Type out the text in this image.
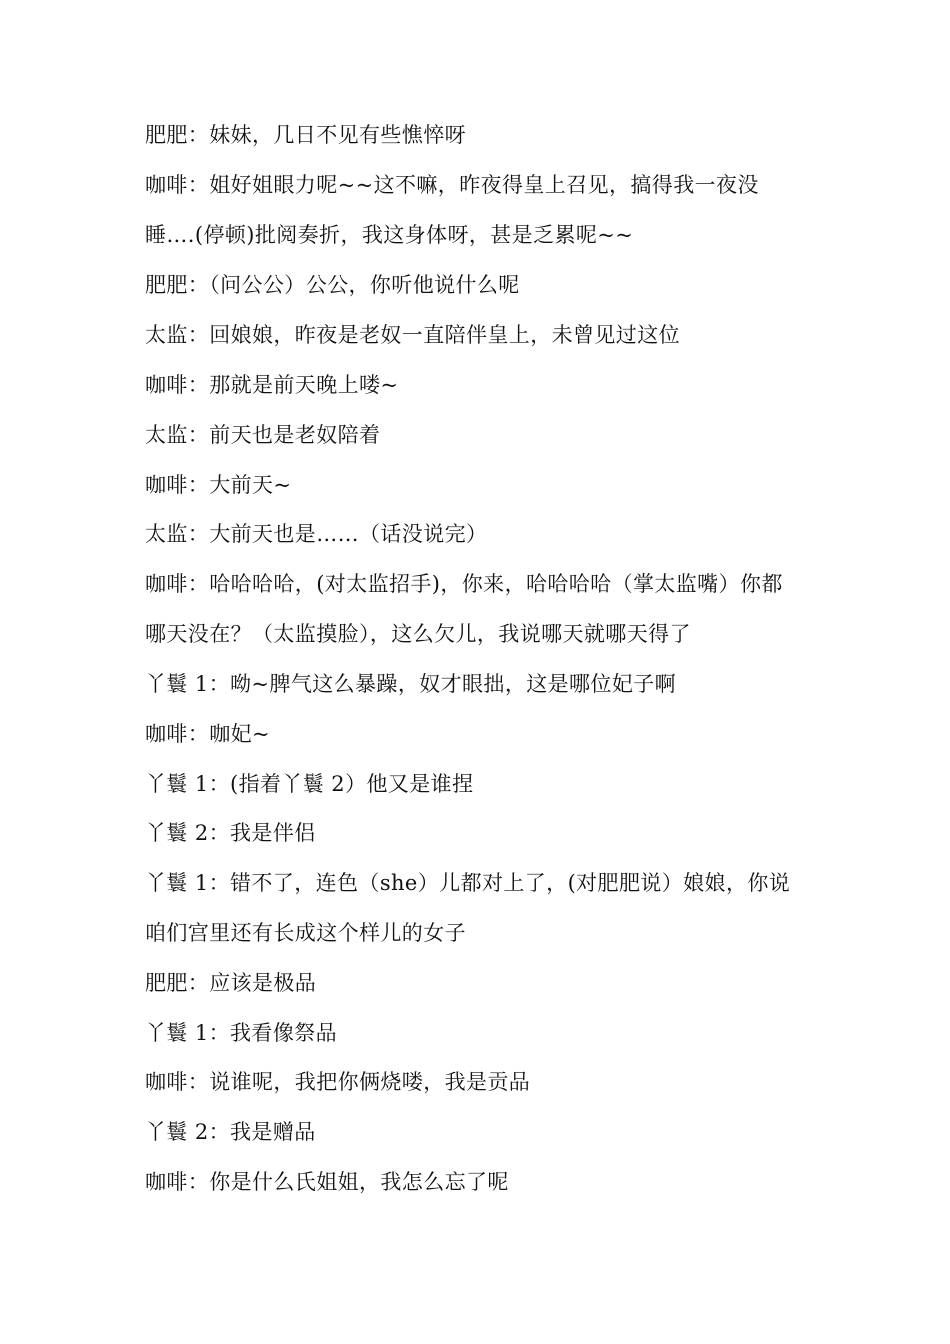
肥肥：妹妹，几日不见有些憔悴呀

咖啡：姐好姐眼力呢~~这不嘛，昨夜得皇上召见，搞得我一夜没

睡….(停顿)批阅奏折，我这身体呀，甚是乏累呢~~

肥肥：（问公公）公公，你听他说什么呢

太监：回娘娘，昨夜是老奴一直陪伴皇上，未曾见过这位

咖啡：那就是前天晚上喽~

太监：前天也是老奴陪着

咖啡：大前天~

太监：大前天也是……（话没说完）

咖啡：哈哈哈哈，(对太监招手)，你来，哈哈哈哈（掌太监嘴）你都

哪天没在？（太监摸脸），这么欠儿，我说哪天就哪天得了

丫鬟 1：呦~脾气这么暴躁，奴才眼拙，这是哪位妃子啊

咖啡：咖妃~

丫鬟 1：(指着丫鬟 2）他又是谁捏

丫鬟 2：我是伴侣

丫鬟 1：错不了，连色（she）儿都对上了，(对肥肥说）娘娘，你说

咱们宫里还有长成这个样儿的女子

肥肥：应该是极品

丫鬟 1：我看像祭品

咖啡：说谁呢，我把你俩烧喽，我是贡品

丫鬟 2：我是赠品

咖啡：你是什么氏姐姐，我怎么忘了呢
